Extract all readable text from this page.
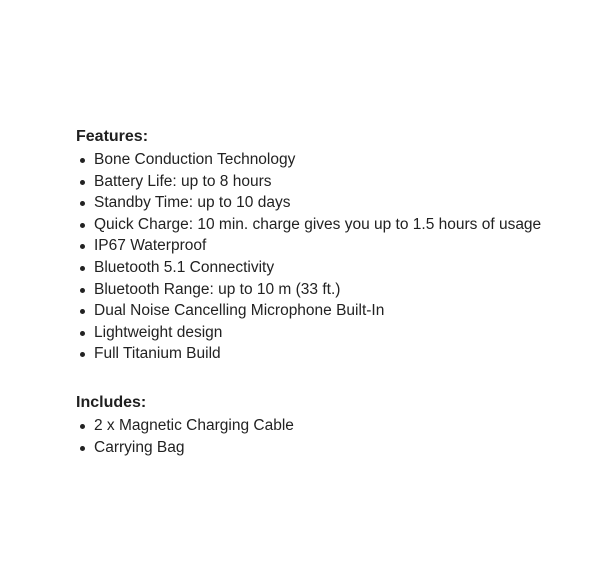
Features:
Bone Conduction Technology
Battery Life: up to 8 hours
Standby Time: up to 10 days
Quick Charge: 10 min. charge gives you up to 1.5 hours of usage
IP67 Waterproof
Bluetooth 5.1 Connectivity
Bluetooth Range: up to 10 m (33 ft.)
Dual Noise Cancelling Microphone Built-In
Lightweight design
Full Titanium Build
Includes:
2 x Magnetic Charging Cable
Carrying Bag
